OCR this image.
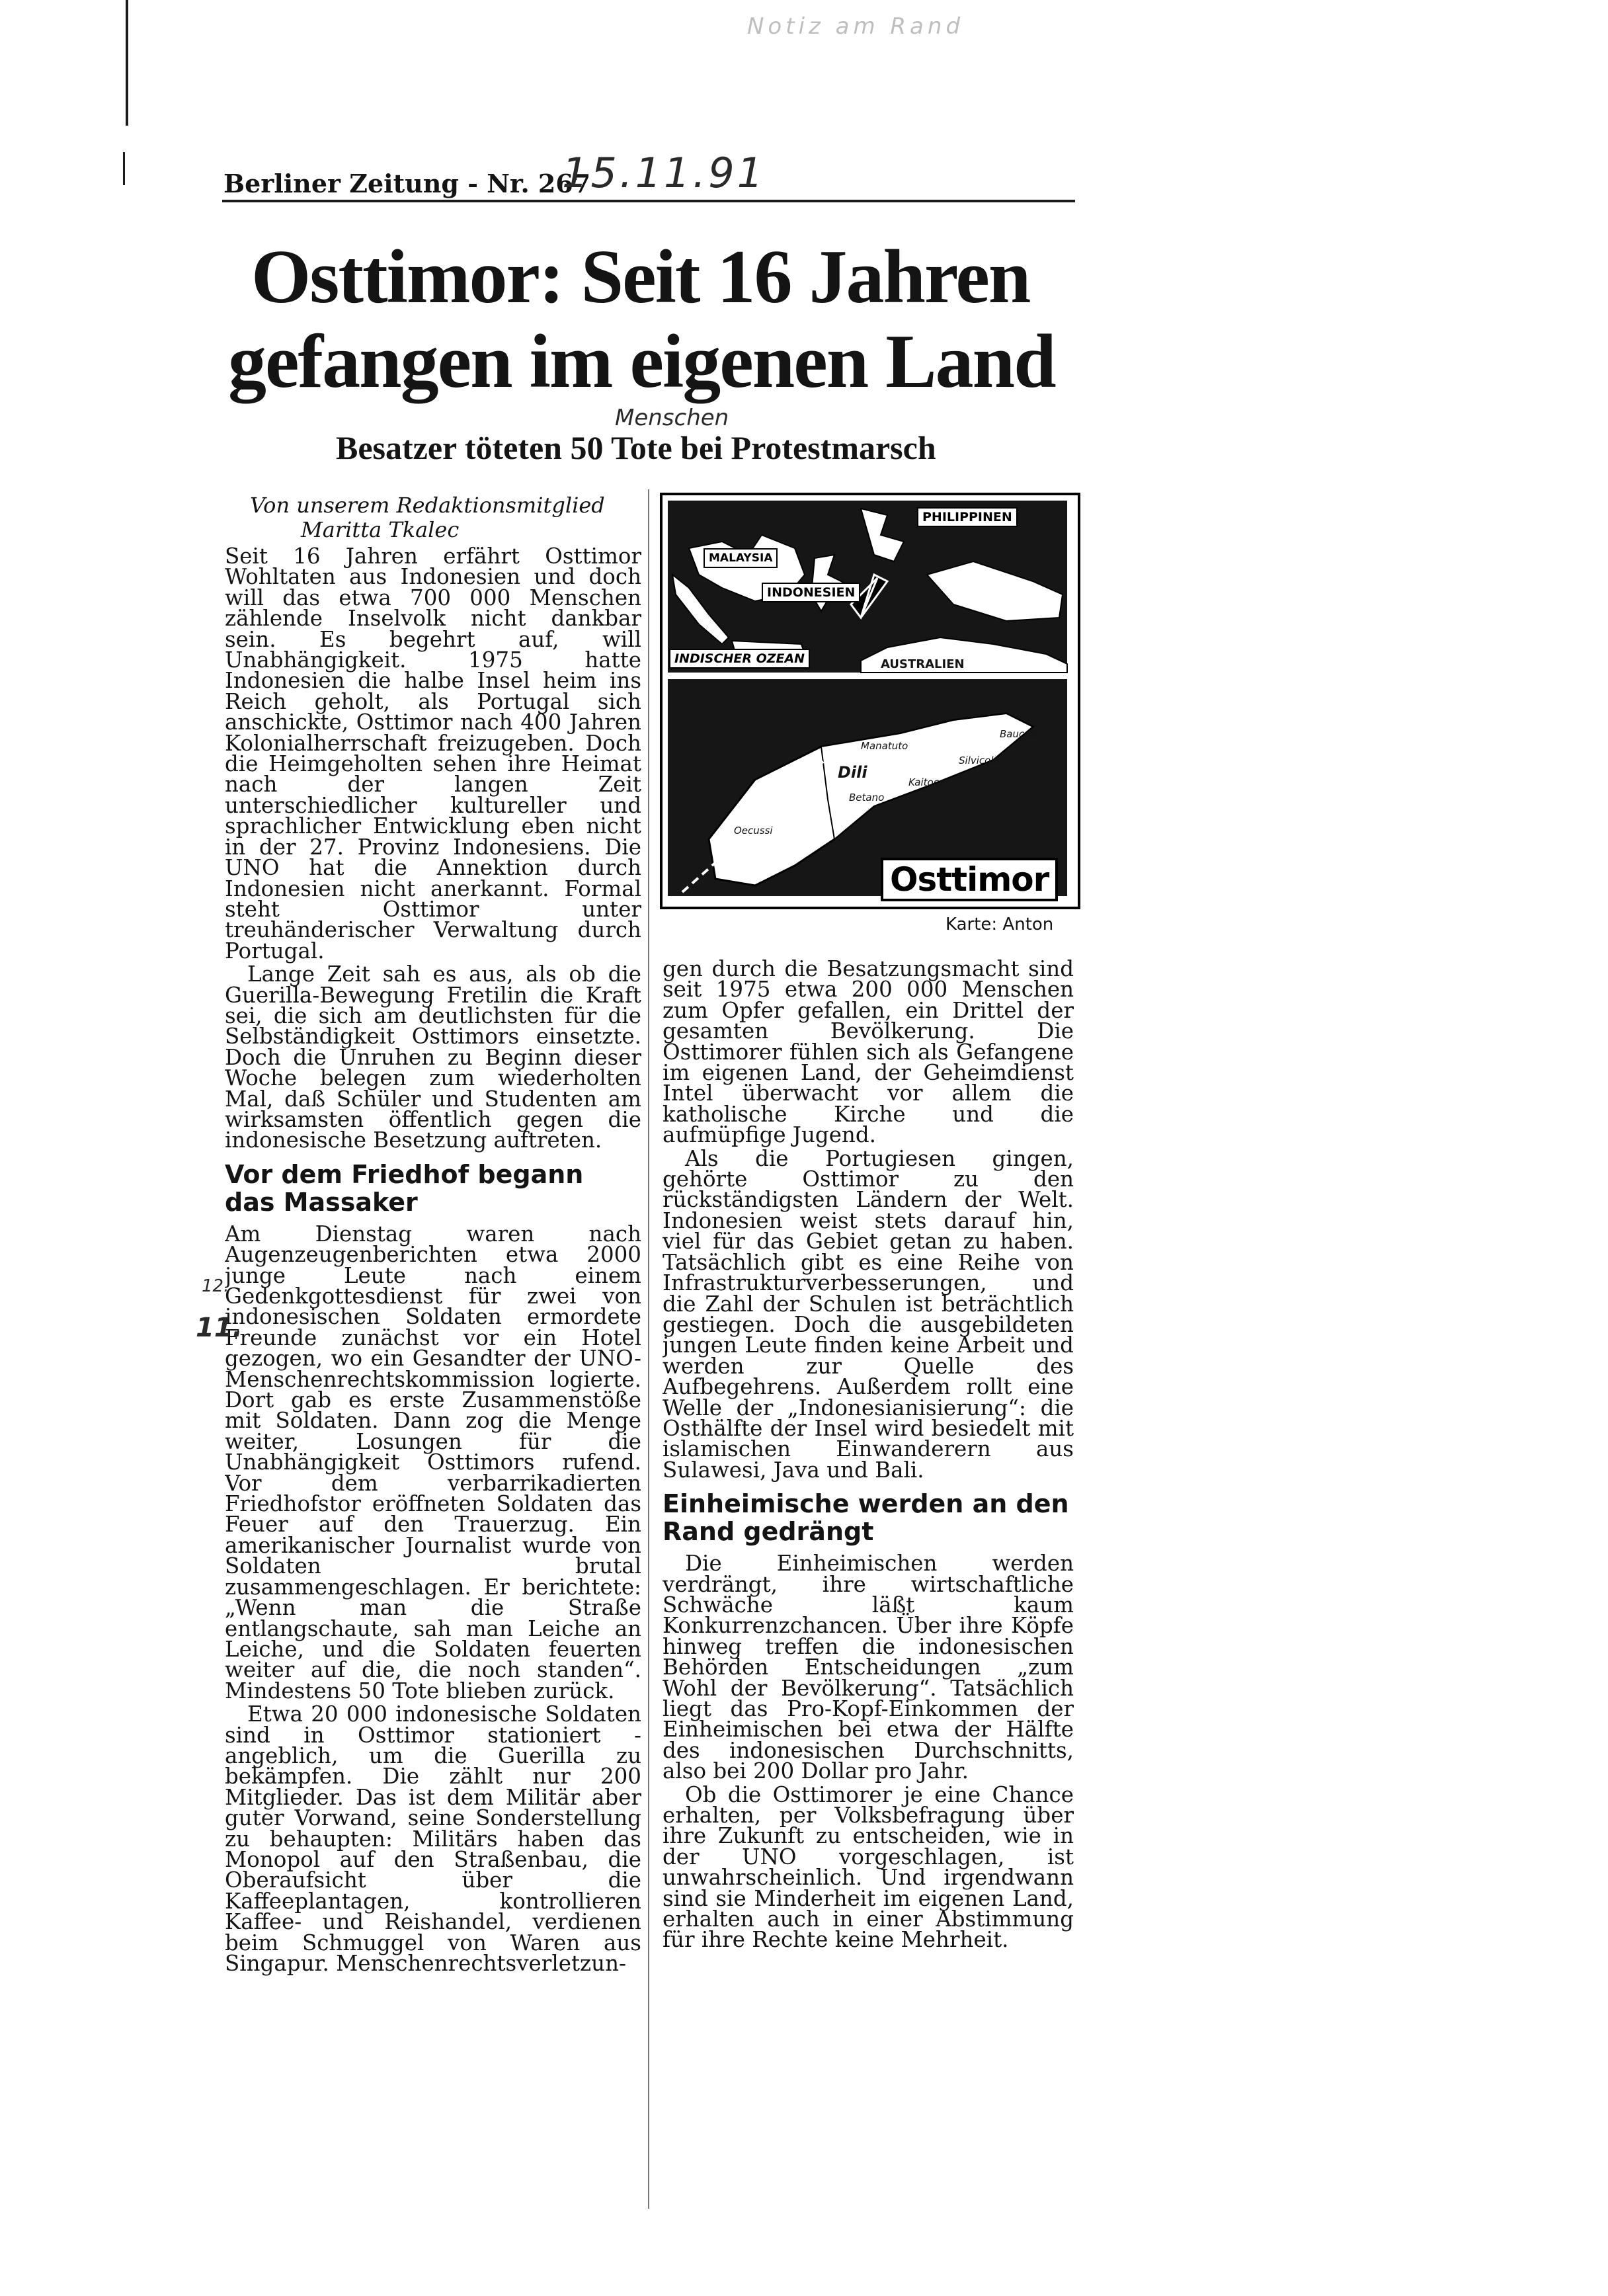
Notiz am Rand
Berliner Zeitung - Nr. 267
15.11.91
Osttimor: Seit 16 Jahren
gefangen im eigenen Land
Menschen
Besatzer töteten 50 Tote bei Protestmarsch
Von unserem Redaktionsmitglied
Maritta Tkalec

Seit 16 Jahren erfährt Osttimor Wohltaten aus Indonesien und doch will das etwa 700 000 Menschen zählende Inselvolk nicht dankbar sein. Es begehrt auf, will Unabhängigkeit. 1975 hatte Indonesien die halbe Insel heim ins Reich geholt, als Portugal sich anschickte, Osttimor nach 400 Jahren Kolonialherrschaft freizugeben. Doch die Heimgeholten sehen ihre Heimat nach der langen Zeit unterschiedlicher kultureller und sprachlicher Entwicklung eben nicht in der 27. Provinz Indonesiens. Die UNO hat die Annektion durch Indonesien nicht anerkannt. Formal steht Osttimor unter treuhänderischer Verwaltung durch Portugal.

Lange Zeit sah es aus, als ob die Guerilla-Bewegung Fretilin die Kraft sei, die sich am deutlichsten für die Selbständigkeit Osttimors einsetzte. Doch die Unruhen zu Beginn dieser Woche belegen zum wiederholten Mal, daß Schüler und Studenten am wirksamsten öffentlich gegen die indonesische Besetzung auftreten.

Vor dem Friedhof begann das Massaker

Am Dienstag waren nach Augenzeugenberichten etwa 2000 junge Leute nach einem Gedenkgottesdienst für zwei von indonesischen Soldaten ermordete Freunde zunächst vor ein Hotel gezogen, wo ein Gesandter der UNO-Menschenrechtskommission logierte. Dort gab es erste Zusammenstöße mit Soldaten. Dann zog die Menge weiter, Losungen für die Unabhängigkeit Osttimors rufend. Vor dem verbarrikadierten Friedhofstor eröffneten Soldaten das Feuer auf den Trauerzug. Ein amerikanischer Journalist wurde von Soldaten brutal zusammengeschlagen. Er berichtete: „Wenn man die Straße entlangschaute, sah man Leiche an Leiche, und die Soldaten feuerten weiter auf die, die noch standen“. Mindestens 50 Tote blieben zurück.

Etwa 20 000 indonesische Soldaten sind in Osttimor stationiert - angeblich, um die Guerilla zu bekämpfen. Die zählt nur 200 Mitglieder. Das ist dem Militär aber guter Vorwand, seine Sonderstellung zu behaupten: Militärs haben das Monopol auf den Straßenbau, die Oberaufsicht über die Kaffeeplantagen, kontrollieren Kaffee- und Reishandel, verdienen beim Schmuggel von Waren aus Singapur. Menschenrechtsverletzun-

12.
11.
PHILIPPINEN
MALAYSIA
INDONESIEN
INDISCHER OZEAN	AUSTRALIEN
Manatuto
Baucau
Silvicola
Dili
Kaitoco
Betano
Oecussi
Osttimor
Karte: Anton

gen durch die Besatzungsmacht sind seit 1975 etwa 200 000 Menschen zum Opfer gefallen, ein Drittel der gesamten Bevölkerung. Die Osttimorer fühlen sich als Gefangene im eigenen Land, der Geheimdienst Intel überwacht vor allem die katholische Kirche und die aufmüpfige Jugend.

Als die Portugiesen gingen, gehörte Osttimor zu den rückständigsten Ländern der Welt. Indonesien weist stets darauf hin, viel für das Gebiet getan zu haben. Tatsächlich gibt es eine Reihe von Infrastrukturverbesserungen, und die Zahl der Schulen ist beträchtlich gestiegen. Doch die ausgebildeten jungen Leute finden keine Arbeit und werden zur Quelle des Aufbegehrens. Außerdem rollt eine Welle der „Indonesianisierung“: die Osthälfte der Insel wird besiedelt mit islamischen Einwanderern aus Sulawesi, Java und Bali.

Einheimische werden an den Rand gedrängt

Die Einheimischen werden verdrängt, ihre wirtschaftliche Schwäche läßt kaum Konkurrenzchancen. Über ihre Köpfe hinweg treffen die indonesischen Behörden Entscheidungen „zum Wohl der Bevölkerung“. Tatsächlich liegt das Pro-Kopf-Einkommen der Einheimischen bei etwa der Hälfte des indonesischen Durchschnitts, also bei 200 Dollar pro Jahr.

Ob die Osttimorer je eine Chance erhalten, per Volksbefragung über ihre Zukunft zu entscheiden, wie in der UNO vorgeschlagen, ist unwahrscheinlich. Und irgendwann sind sie Minderheit im eigenen Land, erhalten auch in einer Abstimmung für ihre Rechte keine Mehrheit.
